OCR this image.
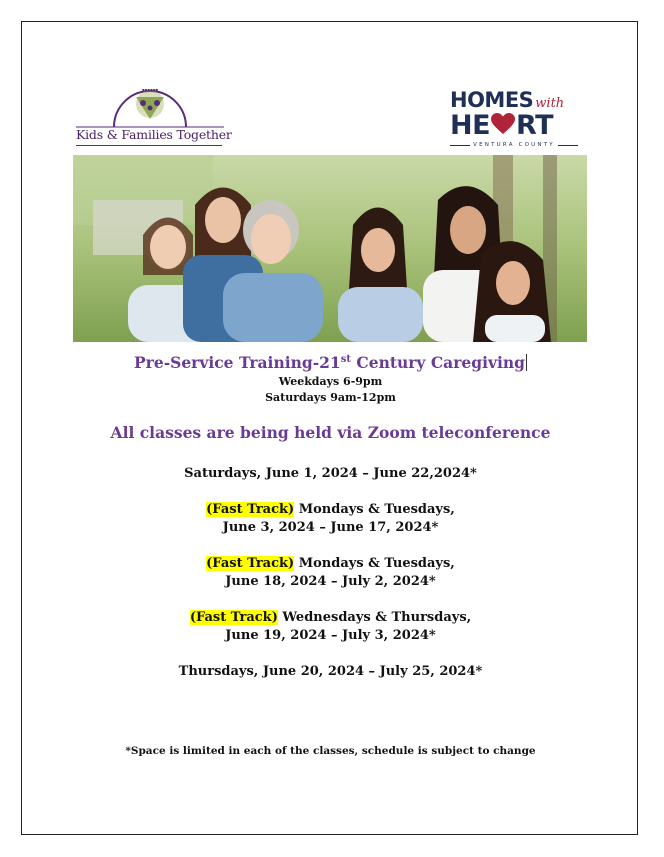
▪▪▪▪▪▪
Kids & Families Together
HOMES with
HE RT
VENTURA COUNTY
Pre-Service Training-21st Century Caregiving
Weekdays 6-9pm
Saturdays 9am-12pm
All classes are being held via Zoom teleconference
Saturdays, June 1, 2024 – June 22,2024*
(Fast Track) Mondays & Tuesdays,
June 3, 2024 – June 17, 2024*
(Fast Track) Mondays & Tuesdays,
June 18, 2024 – July 2, 2024*
(Fast Track) Wednesdays & Thursdays,
June 19, 2024 – July 3, 2024*
Thursdays, June 20, 2024 – July 25, 2024*
*Space is limited in each of the classes, schedule is subject to change
